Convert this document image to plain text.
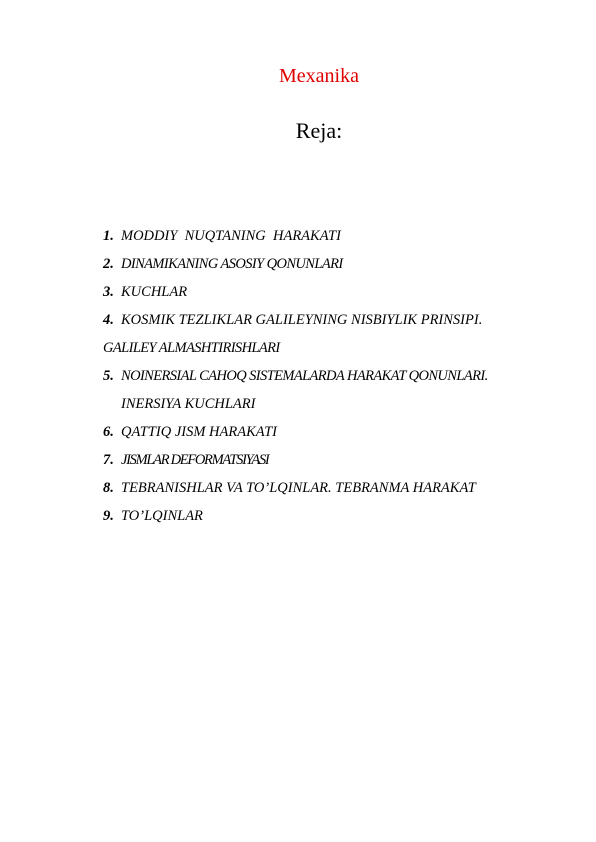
Mexanika
Reja:
1. MODDIY  NUQTANING  HARAKATI
2. DINAMIKANING ASOSIY QONUNLARI
3. KUCHLAR
4. KOSMIK TEZLIKLAR GALILEYNING NISBIYLIK PRINSIPI.
GALILEY ALMASHTIRISHLARI
5. NOINERSIAL CAHOQ SISTEMALARDA HARAKAT QONUNLARI.
INERSIYA KUCHLARI
6. QATTIQ JISM HARAKATI
7. JISMLAR DEFORMATSIYASI
8. TEBRANISHLAR VA TO’LQINLAR. TEBRANMA HARAKAT
9. TO’LQINLAR
